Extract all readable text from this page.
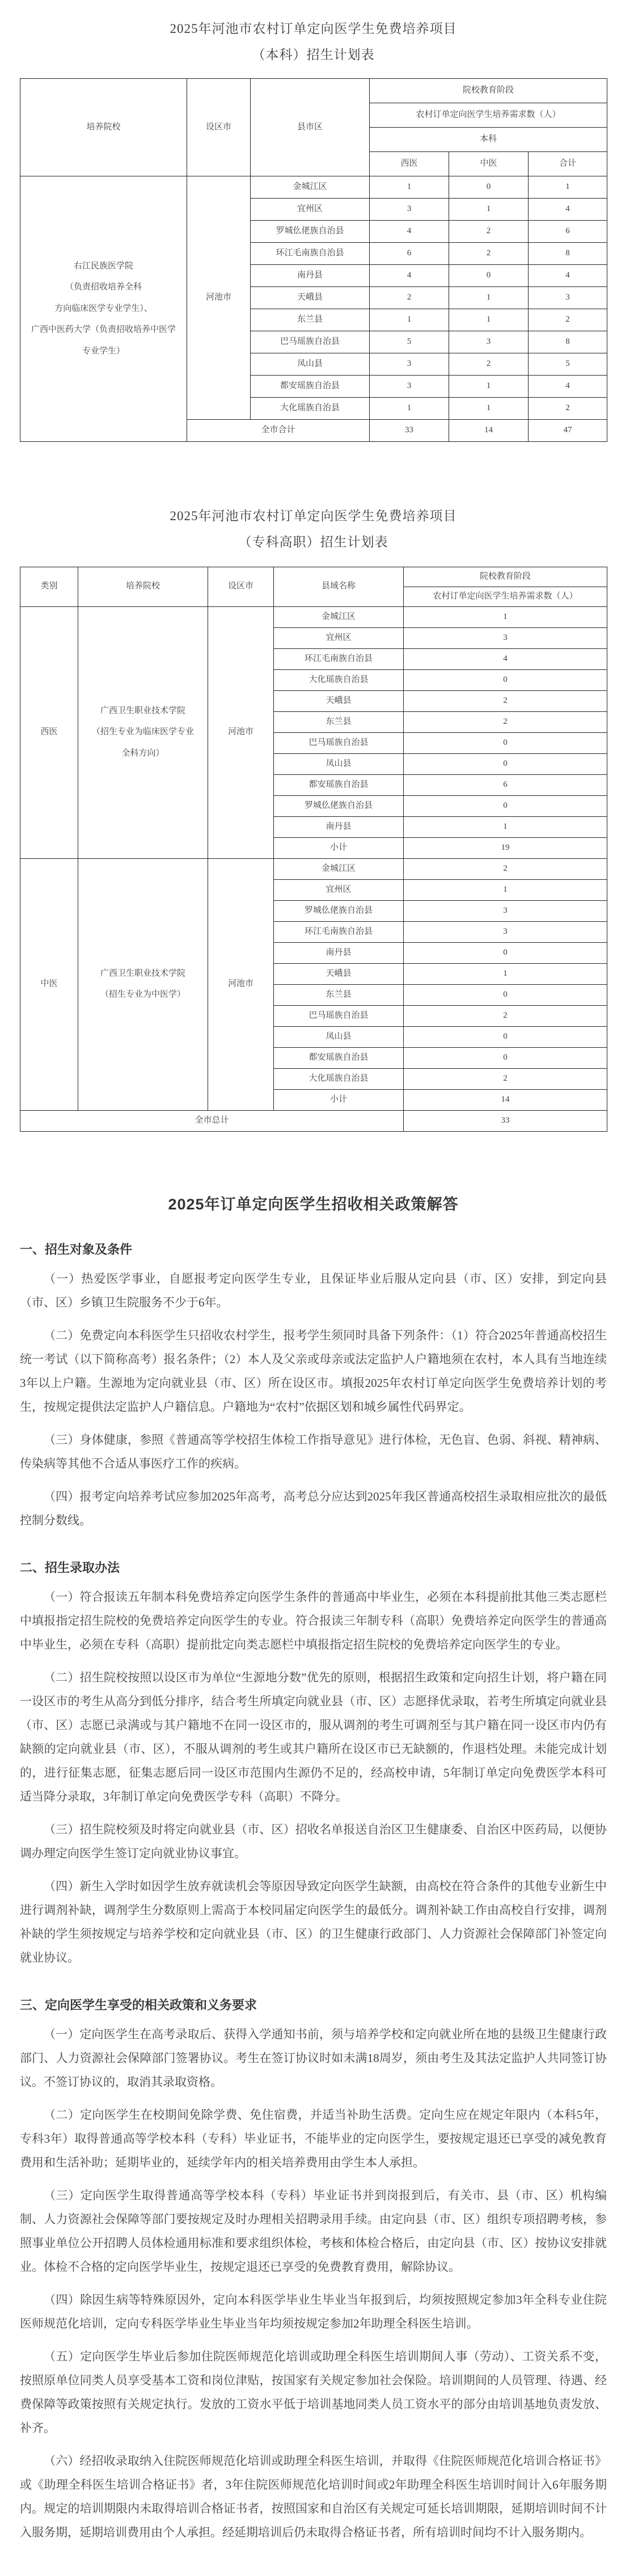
2025年河池市农村订单定向医学生免费培养项目
（本科）招生计划表
培养院校	设区市	县市区	院校教育阶段		
			农村订单定向医学生培养需求数（人）		
			本科		
			西医	中医	合计

右江民族医学院
（负责招收培养全科
方向临床医学专业学生）、
广西中医药大学（负责招收培养中医学
专业学生）	河池市	金城江区	1	0	1
		宜州区	3	1	4
		罗城仫佬族自治县	4	2	6
		环江毛南族自治县	6	2	8
		南丹县	4	0	4
		天峨县	2	1	3
		东兰县	1	1	2
		巴马瑶族自治县	5	3	8
		凤山县	3	2	5
		都安瑶族自治县	3	1	4
		大化瑶族自治县	1	1	2
	全市合计		33	14	47
2025年河池市农村订单定向医学生免费培养项目
（专科高职）招生计划表
类别	培养院校	设区市	县域名称	院校教育阶段
				农村订单定向医学生培养需求数（人）
西医	广西卫生职业技术学院
（招生专业为临床医学专业
全科方向）	河池市	金城江区	1
			宜州区	3
			环江毛南族自治县	4
			大化瑶族自治县	0
			天峨县	2
			东兰县	2
			巴马瑶族自治县	0
			凤山县	0
			都安瑶族自治县	6
			罗城仫佬族自治县	0
			南丹县	1
			小计	19
中医	广西卫生职业技术学院
（招生专业为中医学）	河池市	金城江区	2
			宜州区	1
			罗城仫佬族自治县	3
			环江毛南族自治县	3
			南丹县	0
			天峨县	1
			东兰县	0
			巴马瑶族自治县	2
			凤山县	0
			都安瑶族自治县	0
			大化瑶族自治县	2
			小计	14
全市总计				33
2025年订单定向医学生招收相关政策解答
一、招生对象及条件

（一）热爱医学事业，自愿报考定向医学生专业，且保证毕业后服从定向县（市、区）安排，到定向县（市、区）乡镇卫生院服务不少于6年。

（二）免费定向本科医学生只招收农村学生，报考学生须同时具备下列条件：（1）符合2025年普通高校招生统一考试（以下简称高考）报名条件；（2）本人及父亲或母亲或法定监护人户籍地须在农村，本人具有当地连续3年以上户籍。生源地为定向就业县（市、区）所在设区市。填报2025年农村订单定向医学生免费培养计划的考生，按规定提供法定监护人户籍信息。户籍地为“农村”依据区划和城乡属性代码界定。

（三）身体健康，参照《普通高等学校招生体检工作指导意见》进行体检，无色盲、色弱、斜视、精神病、传染病等其他不合适从事医疗工作的疾病。

（四）报考定向培养考试应参加2025年高考，高考总分应达到2025年我区普通高校招生录取相应批次的最低控制分数线。

二、招生录取办法

（一）符合报读五年制本科免费培养定向医学生条件的普通高中毕业生，必须在本科提前批其他三类志愿栏中填报指定招生院校的免费培养定向医学生的专业。符合报读三年制专科（高职）免费培养定向医学生的普通高中毕业生，必须在专科（高职）提前批定向类志愿栏中填报指定招生院校的免费培养定向医学生的专业。

（二）招生院校按照以设区市为单位“生源地分数”优先的原则，根据招生政策和定向招生计划，将户籍在同一设区市的考生从高分到低分排序，结合考生所填定向就业县（市、区）志愿择优录取，若考生所填定向就业县（市、区）志愿已录满或与其户籍地不在同一设区市的，服从调剂的考生可调剂至与其户籍在同一设区市内仍有缺额的定向就业县（市、区），不服从调剂的考生或其户籍所在设区市已无缺额的，作退档处理。未能完成计划的，进行征集志愿，征集志愿后同一设区市范围内生源仍不足的，经高校申请，5年制订单定向免费医学本科可适当降分录取，3年制订单定向免费医学专科（高职）不降分。

（三）招生院校须及时将定向就业县（市、区）招收名单报送自治区卫生健康委、自治区中医药局，以便协调办理定向医学生签订定向就业协议事宜。

（四）新生入学时如因学生放弃就读机会等原因导致定向医学生缺额，由高校在符合条件的其他专业新生中进行调剂补缺，调剂学生分数原则上需高于本校同届定向医学生的最低分。调剂补缺工作由高校自行安排，调剂补缺的学生须按规定与培养学校和定向就业县（市、区）的卫生健康行政部门、人力资源社会保障部门补签定向就业协议。

三、定向医学生享受的相关政策和义务要求

（一）定向医学生在高考录取后、获得入学通知书前，须与培养学校和定向就业所在地的县级卫生健康行政部门、人力资源社会保障部门签署协议。考生在签订协议时如未满18周岁，须由考生及其法定监护人共同签订协议。不签订协议的，取消其录取资格。

（二）定向医学生在校期间免除学费、免住宿费，并适当补助生活费。定向生应在规定年限内（本科5年，专科3年）取得普通高等学校本科（专科）毕业证书，不能毕业的定向医学生，要按规定退还已享受的减免教育费用和生活补助；延期毕业的，延续学年内的相关培养费用由学生本人承担。

（三）定向医学生取得普通高等学校本科（专科）毕业证书并到岗报到后，有关市、县（市、区）机构编制、人力资源社会保障等部门要按规定及时办理相关招聘录用手续。由定向县（市、区）组织专项招聘考核，参照事业单位公开招聘人员体检通用标准和要求组织体检，考核和体检合格后，由定向县（市、区）按协议安排就业。体检不合格的定向医学毕业生，按规定退还已享受的免费教育费用，解除协议。

（四）除因生病等特殊原因外，定向本科医学毕业生毕业当年报到后，均须按照规定参加3年全科专业住院医师规范化培训，定向专科医学毕业生毕业当年均须按规定参加2年助理全科医生培训。

（五）定向医学生毕业后参加住院医师规范化培训或助理全科医生培训期间人事（劳动）、工资关系不变，按照原单位同类人员享受基本工资和岗位津贴，按国家有关规定参加社会保险。培训期间的人员管理、待遇、经费保障等政策按照有关规定执行。发放的工资水平低于培训基地同类人员工资水平的部分由培训基地负责发放、补齐。

（六）经招收录取纳入住院医师规范化培训或助理全科医生培训，并取得《住院医师规范化培训合格证书》或《助理全科医生培训合格证书》者，3年住院医师规范化培训时间或2年助理全科医生培训时间计入6年服务期内。规定的培训期限内未取得培训合格证书者，按照国家和自治区有关规定可延长培训期限，延期培训时间不计入服务期，延期培训费用由个人承担。经延期培训后仍未取得合格证书者，所有培训时间均不计入服务期内。
